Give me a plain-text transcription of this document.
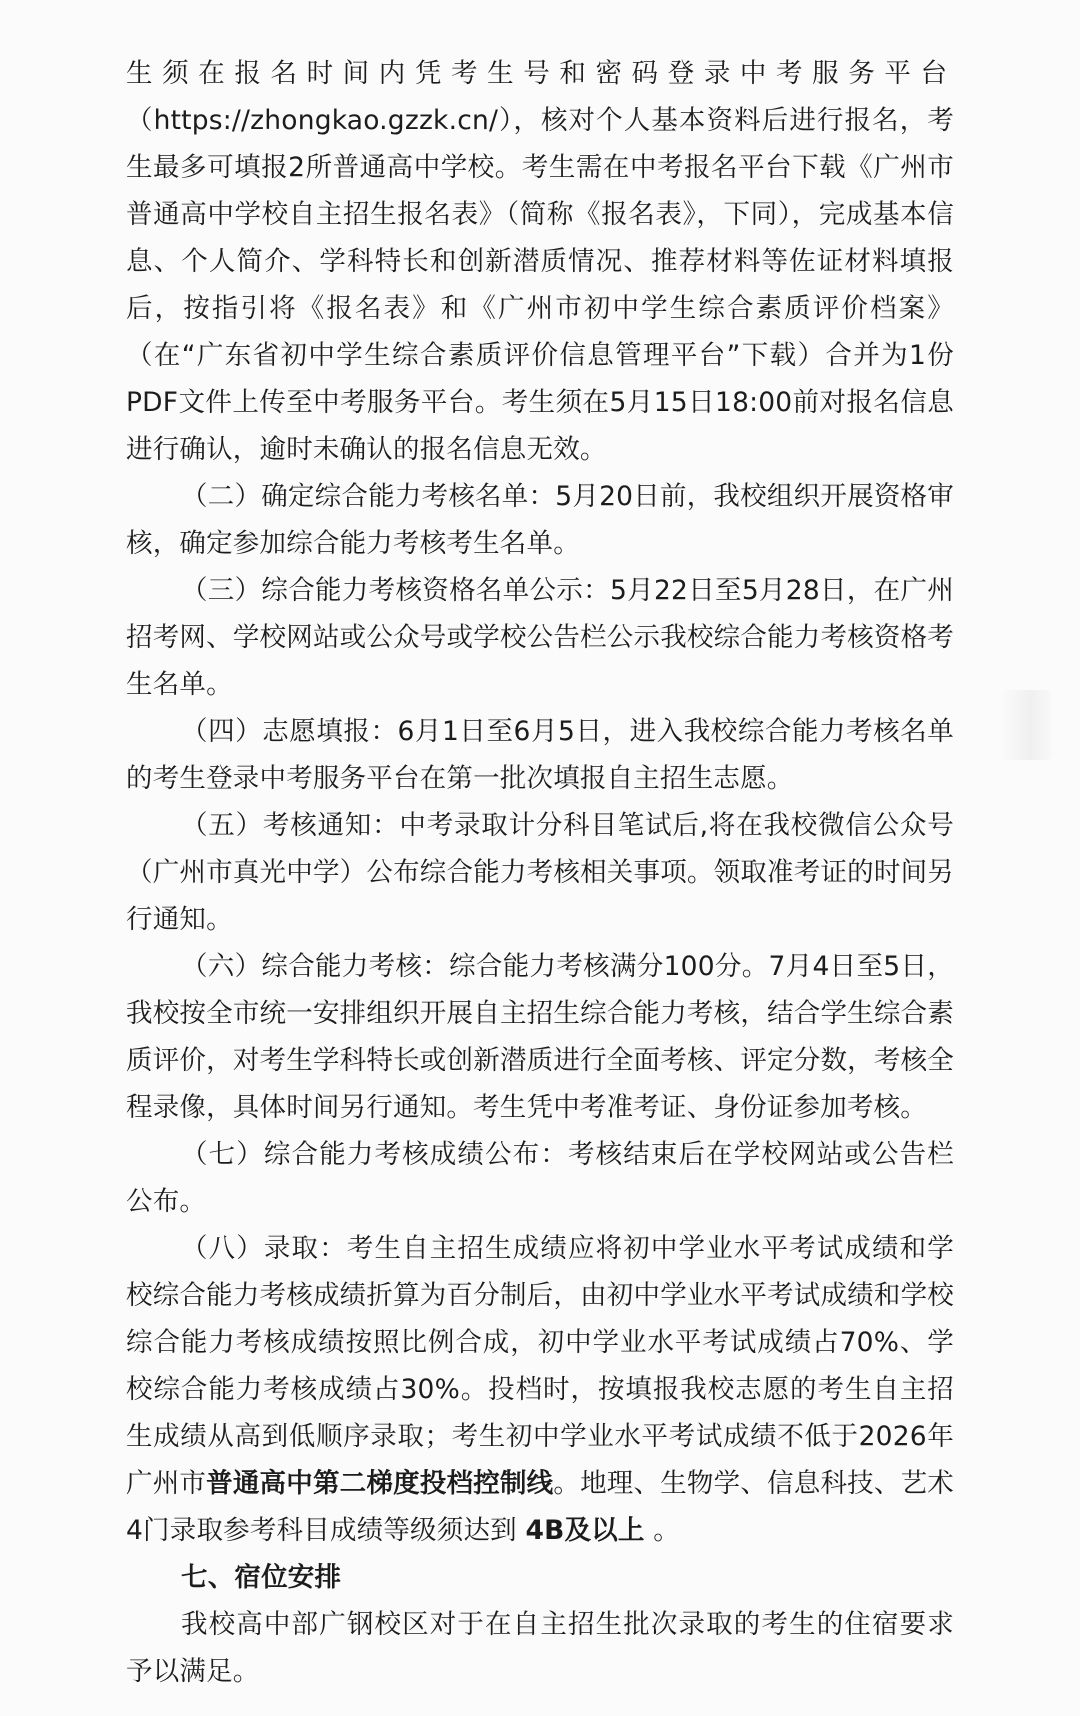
生须在报名时间内凭考生号和密码登录中考服务平台（https://zhongkao.gzzk.cn/），核对个人基本资料后进行报名，考生最多可填报2所普通高中学校。考生需在中考报名平台下载《广州市普通高中学校自主招生报名表》（简称《报名表》，下同），完成基本信息、个人简介、学科特长和创新潜质情况、推荐材料等佐证材料填报后，按指引将《报名表》和《广州市初中学生综合素质评价档案》（在“广东省初中学生综合素质评价信息管理平台”下载）合并为1份PDF文件上传至中考服务平台。考生须在5月15日18:00前对报名信息进行确认，逾时未确认的报名信息无效。

（二）确定综合能力考核名单：5月20日前，我校组织开展资格审核，确定参加综合能力考核考生名单。

（三）综合能力考核资格名单公示：5月22日至5月28日，在广州招考网、学校网站或公众号或学校公告栏公示我校综合能力考核资格考生名单。

（四）志愿填报：6月1日至6月5日，进入我校综合能力考核名单的考生登录中考服务平台在第一批次填报自主招生志愿。

（五）考核通知：中考录取计分科目笔试后,将在我校微信公众号（广州市真光中学）公布综合能力考核相关事项。领取准考证的时间另行通知。

（六）综合能力考核：综合能力考核满分100分。7月4日至5日，我校按全市统一安排组织开展自主招生综合能力考核，结合学生综合素质评价，对考生学科特长或创新潜质进行全面考核、评定分数，考核全程录像，具体时间另行通知。考生凭中考准考证、身份证参加考核。

（七）综合能力考核成绩公布：考核结束后在学校网站或公告栏公布。

（八）录取：考生自主招生成绩应将初中学业水平考试成绩和学校综合能力考核成绩折算为百分制后，由初中学业水平考试成绩和学校综合能力考核成绩按照比例合成，初中学业水平考试成绩占70%、学校综合能力考核成绩占30%。投档时，按填报我校志愿的考生自主招生成绩从高到低顺序录取；考生初中学业水平考试成绩不低于2026年广州市普通高中第二梯度投档控制线。地理、生物学、信息科技、艺术4门录取参考科目成绩等级须达到 4B及以上 。

七、宿位安排

我校高中部广钢校区对于在自主招生批次录取的考生的住宿要求予以满足。
